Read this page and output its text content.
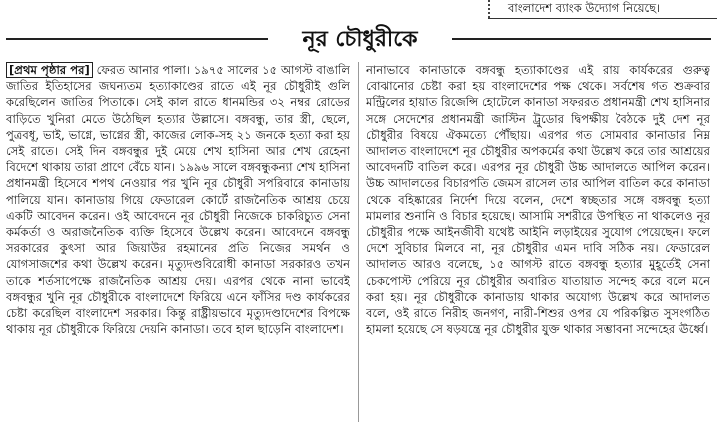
বাংলাদেশ ব্যাংক উদ্যোগ নিয়েছে।
নূর চৌধুরীকে

[প্রথম পৃষ্ঠার পর] ফেরত আনার পালা। ১৯৭৫ সালের ১৫ আগস্ট বাঙালি জাতির ইতিহাসের জঘন্যতম হত্যাকাণ্ডের রাতে এই নূর চৌধুরীই গুলি করেছিলেন জাতির পিতাকে। সেই কাল রাতে ধানমন্ডির ৩২ নম্বর রোডের বাড়িতে খুনিরা মেতে উঠেছিল হত্যার উল্লাসে। বঙ্গবন্ধু, তার স্ত্রী, ছেলে, পুত্রবধূ, ভাই, ভাগ্নে, ভাগ্নের স্ত্রী, কাজের লোক-সহ ২১ জনকে হত্যা করা হয় সেই রাতে। সেই দিন বঙ্গবন্ধুর দুই মেয়ে শেখ হাসিনা আর শেখ রেহেনা বিদেশে থাকায় তারা প্রাণে বেঁচে যান। ১৯৯৬ সালে বঙ্গবন্ধুকন্যা শেখ হাসিনা প্রধানমন্ত্রী হিসেবে শপথ নেওয়ার পর খুনি নূর চৌধুরী সপরিবারে কানাডায় পালিয়ে যান। কানাডায় গিয়ে ফেডারেল কোর্টে রাজনৈতিক আশ্রয় চেয়ে একটি আবেদন করেন। ওই আবেদনে নূর চৌধুরী নিজেকে চাকরিচ্যুত সেনা কর্মকর্তা ও অরাজনৈতিক ব্যক্তি হিসেবে উল্লেখ করেন। আবেদনে বঙ্গবন্ধু সরকারের কুৎসা আর জিয়াউর রহমানের প্রতি নিজের সমর্থন ও যোগসাজশের কথা উল্লেখ করেন। মৃত্যুদণ্ডবিরোধী কানাডা সরকারও তখন তাকে শর্তসাপেক্ষে রাজনৈতিক আশ্রয় দেয়। এরপর থেকে নানা ভাবেই বঙ্গবন্ধুর খুনি নূর চৌধুরীকে বাংলাদেশে ফিরিয়ে এনে ফাঁসির দণ্ড কার্যকরের চেষ্টা করেছিল বাংলাদেশ সরকার। কিন্তু রাষ্ট্রীয়ভাবে মৃত্যুদণ্ডাদেশের বিপক্ষে থাকায় নূর চৌধুরীকে ফিরিয়ে দেয়নি কানাডা। তবে হাল ছাড়েনি বাংলাদেশ।

নানাভাবে কানাডাকে বঙ্গবন্ধু হত্যাকাণ্ডের এই রায় কার্যকরের গুরুত্ব বোঝানোর চেষ্টা করা হয় বাংলাদেশের পক্ষ থেকে। সর্বশেষ গত শুক্রবার মন্ট্রিলের হায়াত রিজেন্সি হোটেলে কানাডা সফররত প্রধানমন্ত্রী শেখ হাসিনার সঙ্গে সেদেশের প্রধানমন্ত্রী জাস্টিন ট্রুডোর দ্বিপক্ষীয় বৈঠকে দুই দেশ নূর চৌধুরীর বিষয়ে ঐকমত্যে পৌঁছায়। এরপর গত সোমবার কানাডার নিম্ন আদালত বাংলাদেশে নূর চৌধুরীর অপকর্মের কথা উল্লেখ করে তার আশ্রয়ের আবেদনটি বাতিল করে। এরপর নূর চৌধুরী উচ্চ আদালতে আপিল করেন। উচ্চ আদালতের বিচারপতি জেমস রাসেল তার আপিল বাতিল করে কানাডা থেকে বহিষ্কারের নির্দেশ দিয়ে বলেন, দেশে স্বচ্ছতার সঙ্গে বঙ্গবন্ধু হত্যা মামলার শুনানি ও বিচার হয়েছে। আসামি সশরীরে উপস্থিত না থাকলেও নূর চৌধুরীর পক্ষে আইনজীবী যথেষ্ট আইনি লড়াইয়ের সুযোগ পেয়েছেন। ফলে দেশে সুবিচার মিলবে না, নূর চৌধুরীর এমন দাবি সঠিক নয়। ফেডারেল আদালত আরও বলেছে, ১৫ আগস্ট রাতে বঙ্গবন্ধু হত্যার মুহূর্তেই সেনা চেকপোস্ট পেরিয়ে নূর চৌধুরীর অবারিত যাতায়াত সন্দেহ করে বলে মনে করা হয়। নূর চৌধুরীকে কানাডায় থাকার অযোগ্য উল্লেখ করে আদালত বলে, ওই রাতে নিরীহ জনগণ, নারী-শিশুর ওপর যে পরিকল্পিত সুসংগঠিত হামলা হয়েছে সে ষড়যন্ত্রে নূর চৌধুরীর যুক্ত থাকার সম্ভাবনা সন্দেহের ঊর্ধ্বে।
